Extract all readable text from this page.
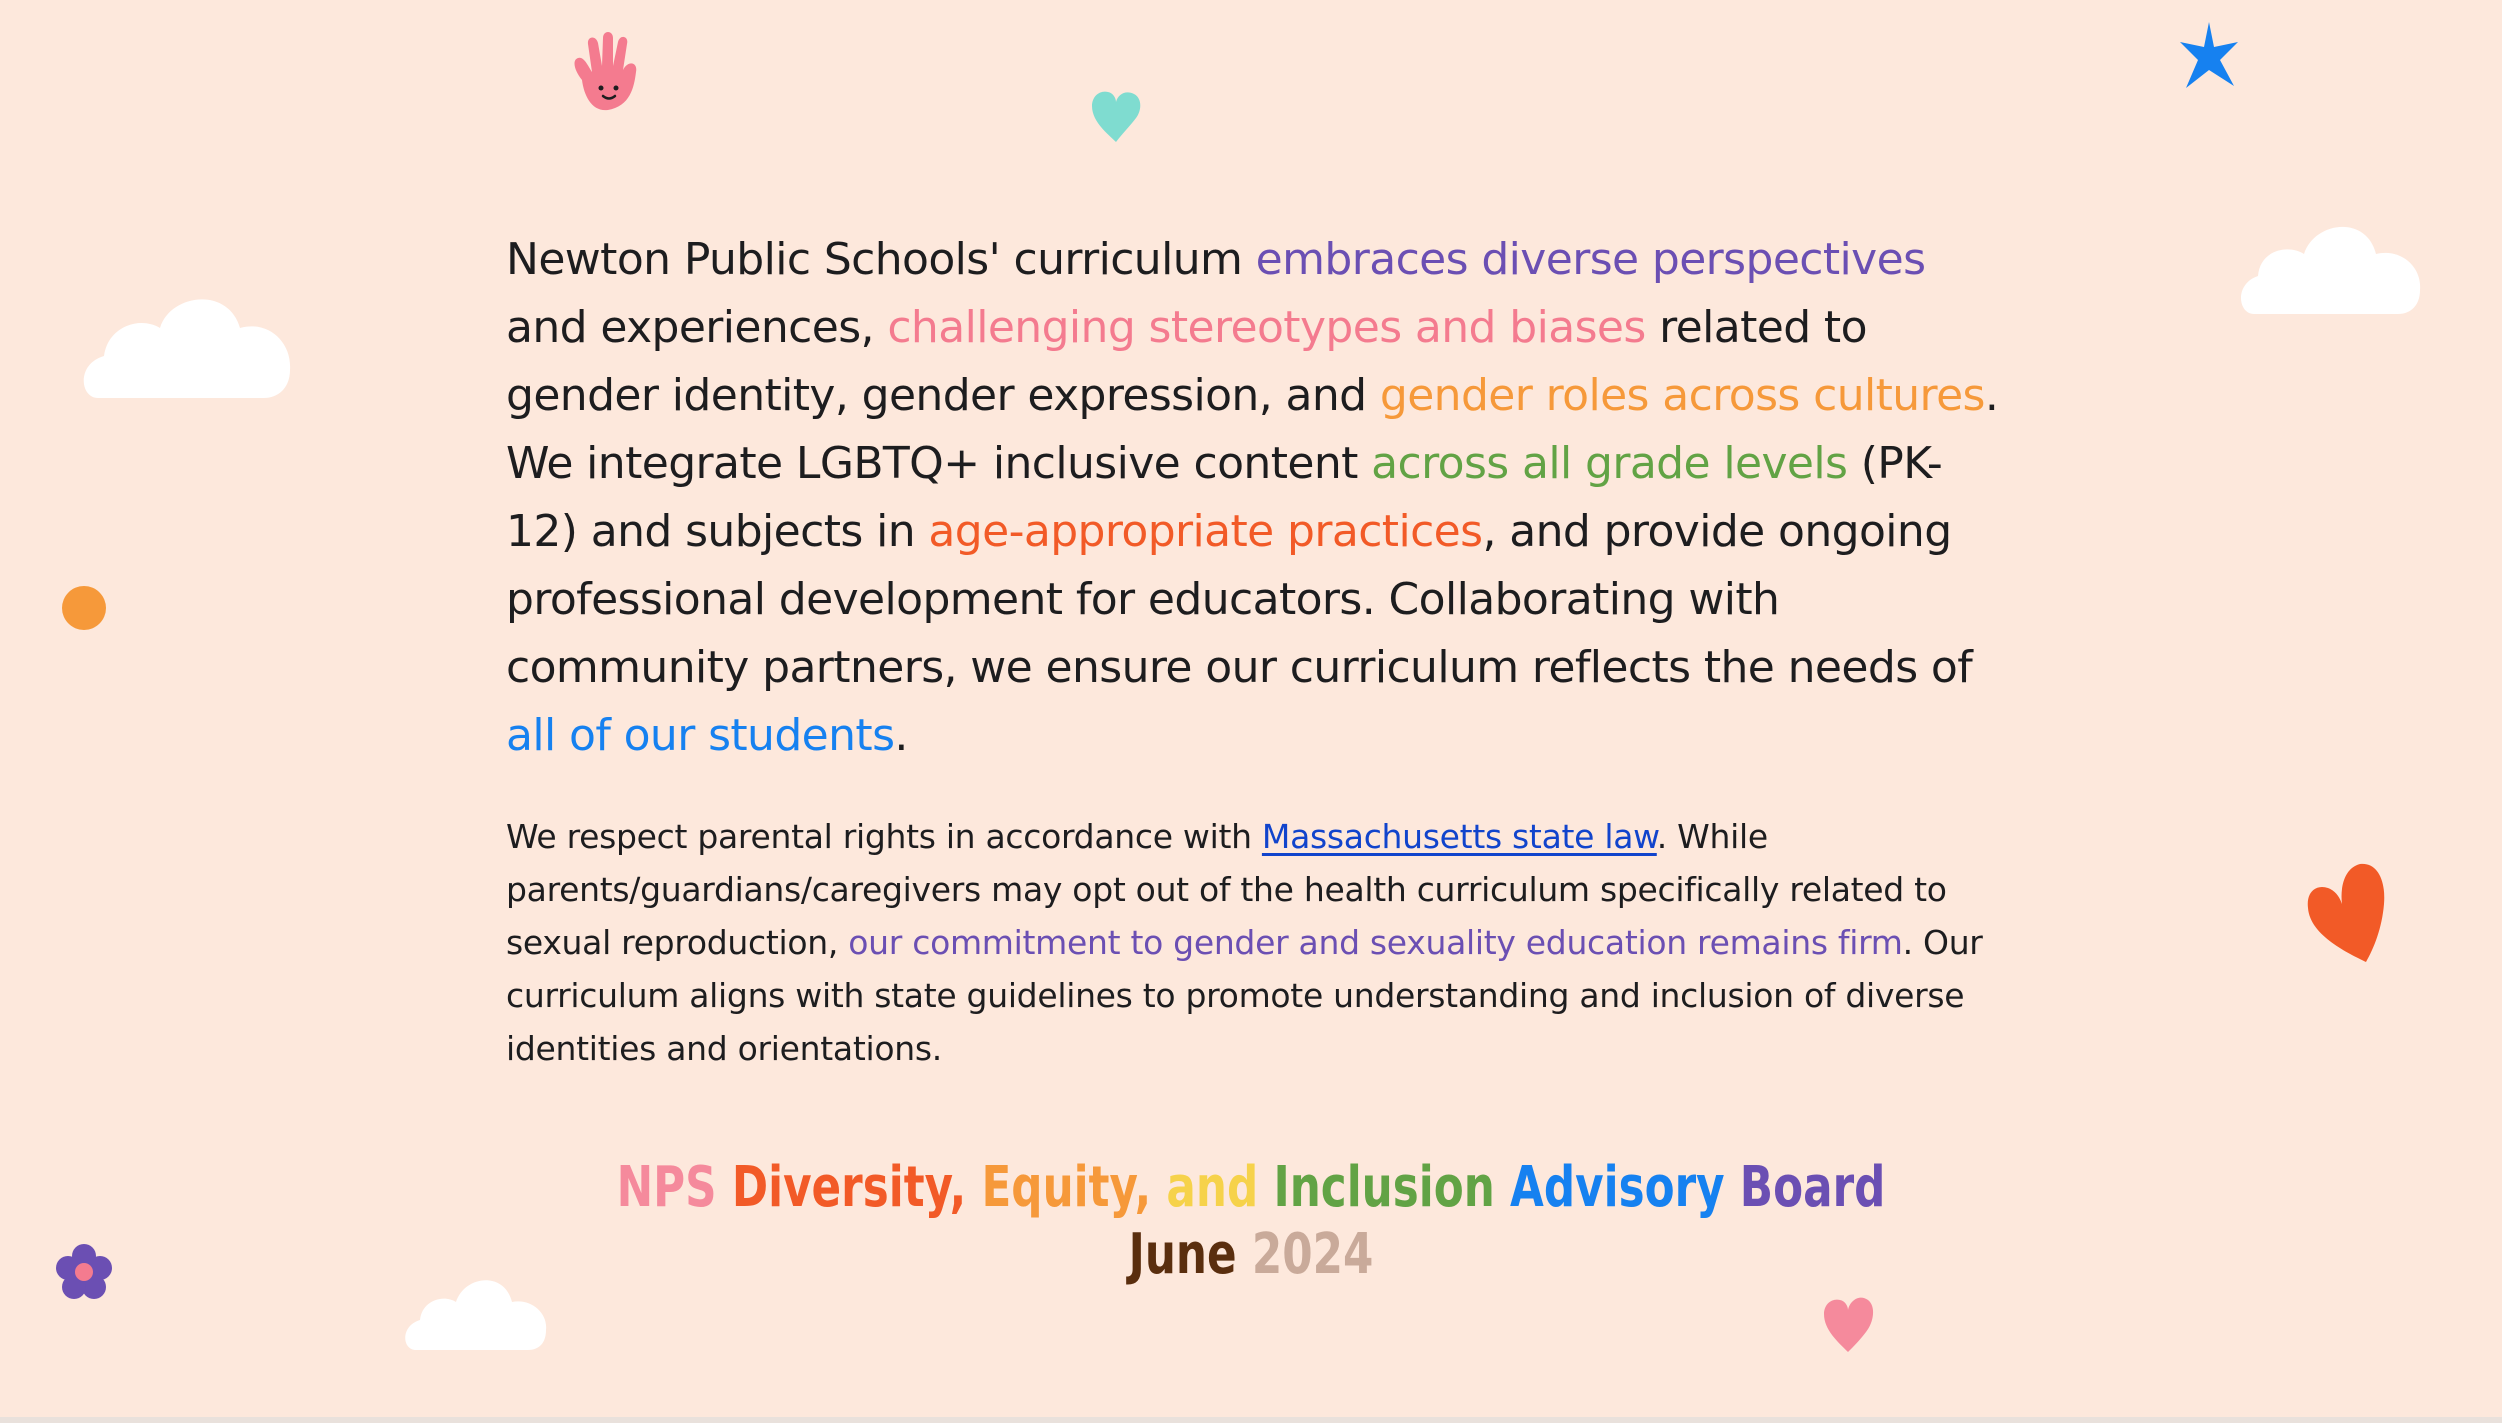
Newton Public Schools' curriculum embraces diverse perspectives and experiences, challenging stereotypes and biases related to gender identity, gender expression, and gender roles across cultures. We integrate LGBTQ+ inclusive content across all grade levels (PK-12) and subjects in age-appropriate practices, and provide ongoing professional development for educators. Collaborating with community partners, we ensure our curriculum reflects the needs of all of our students.
We respect parental rights in accordance with Massachusetts state law. While parents/guardians/caregivers may opt out of the health curriculum specifically related to sexual reproduction, our commitment to gender and sexuality education remains firm. Our curriculum aligns with state guidelines to promote understanding and inclusion of diverse identities and orientations.
NPS Diversity, Equity, and Inclusion Advisory Board
June 2024
